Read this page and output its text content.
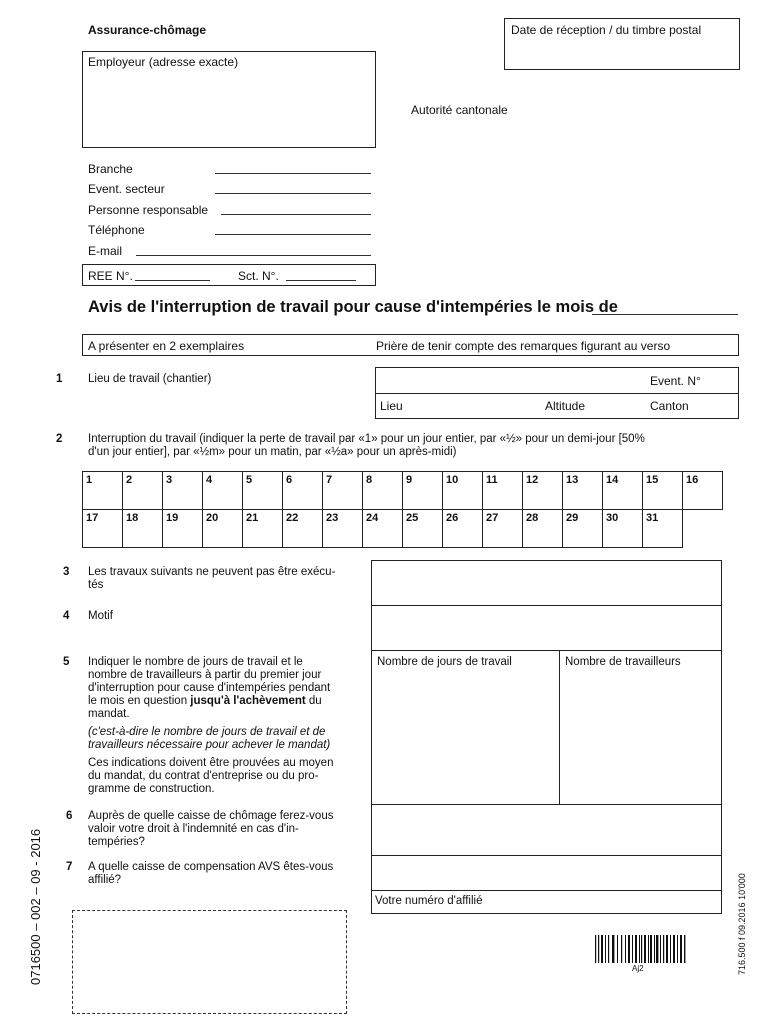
Assurance-chômage	Date de réception / du timbre postal
Employeur (adresse exacte)
Autorité cantonale
Branche
Event. secteur
Personne responsable
Téléphone
E-mail
REE N°.	Sct. N°.
Avis de l'interruption de travail pour cause d'intempéries le mois de
A présenter en 2 exemplaires	Prière de tenir compte des remarques figurant au verso
1 Lieu de travail (chantier)	Event. N°
Lieu	Altitude	Canton
2 Interruption du travail (indiquer la perte de travail par «1» pour un jour entier, par «½» pour un demi-jour [50%
d'un jour entier], par «½m» pour un matin, par «½a» pour un après-midi)
1	2	3	4	5	6	7	8	9	10	11	12	13	14	15	16
17	18	19	20	21	22	23	24	25	26	27	28	29	30	31	
3 Les travaux suivants ne peuvent pas être exécu-
tés
4 Motif
5 Indiquer le nombre de jours de travail et le
nombre de travailleurs à partir du premier jour
d'interruption pour cause d'intempéries pendant
le mois en question jusqu'à l'achèvement du
mandat.
(c'est-à-dire le nombre de jours de travail et de
travailleurs nécessaire pour achever le mandat)
Ces indications doivent être prouvées au moyen
du mandat, du contrat d'entreprise ou du pro-
gramme de construction.
Nombre de jours de travail	Nombre de travailleurs
6 Auprès de quelle caisse de chômage ferez-vous
valoir votre droit à l'indemnité en cas d'in-
tempéries?
7 A quelle caisse de compensation AVS êtes-vous
affilié?
Votre numéro d'affilié
Aj2
0716500 – 002 – 09 - 2016	716.500 f 09.2016 10'000
